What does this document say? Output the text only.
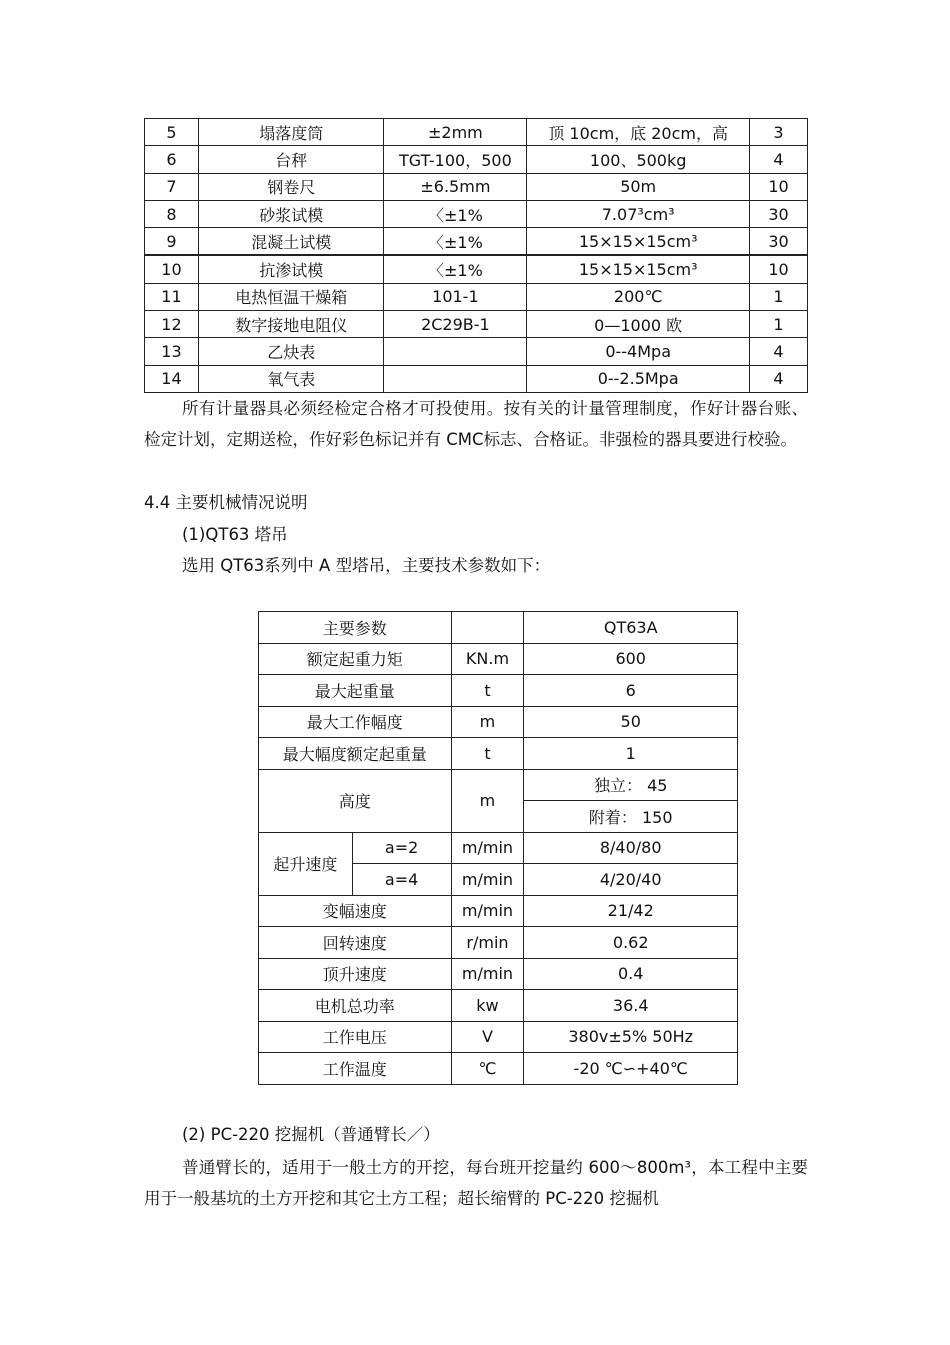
5	塌落度筒	±2mm	顶 10cm，底 20cm，高	3
6	台秤	TGT-100，500	100、500kg	4
7	钢卷尺	±6.5mm	50m	10
8	砂浆试模	〈±1%	7.07³cm³	30
9	混凝土试模	〈±1%	15×15×15cm³	30
10	抗渗试模	〈±1%	15×15×15cm³	10
11	电热恒温干燥箱	101-1	200℃	1
12	数字接地电阻仪	2C29B-1	0—1000 欧	1
13	乙炔表		0--4Mpa	4
14	氧气表		0--2.5Mpa	4

所有计量器具必须经检定合格才可投使用。按有关的计量管理制度，作好计器台账、检定计划，定期送检，作好彩色标记并有 CMC标志、合格证。非强检的器具要进行校验。

4.4 主要机械情况说明

(1)QT63 塔吊

选用 QT63系列中 A 型塔吊，主要技术参数如下：

主要参数			QT63A
额定起重力矩		KN.m	600
最大起重量		t	6
最大工作幅度		m	50
最大幅度额定起重量		t	1
高度		m	独立： 45
			附着： 150
起升速度	a=2	m/min	8/40/80
	a=4	m/min	4/20/40
变幅速度		m/min	21/42
回转速度		r/min	0.62
顶升速度		m/min	0.4
电机总功率		kw	36.4
工作电压		V	380v±5% 50Hz
工作温度		℃	-20 ℃∽+40℃

(2) PC-220 挖掘机（普通臂长／）

普通臂长的，适用于一般土方的开挖，每台班开挖量约 600～800m³，本工程中主要用于一般基坑的土方开挖和其它土方工程；超长缩臂的 PC-220 挖掘机
